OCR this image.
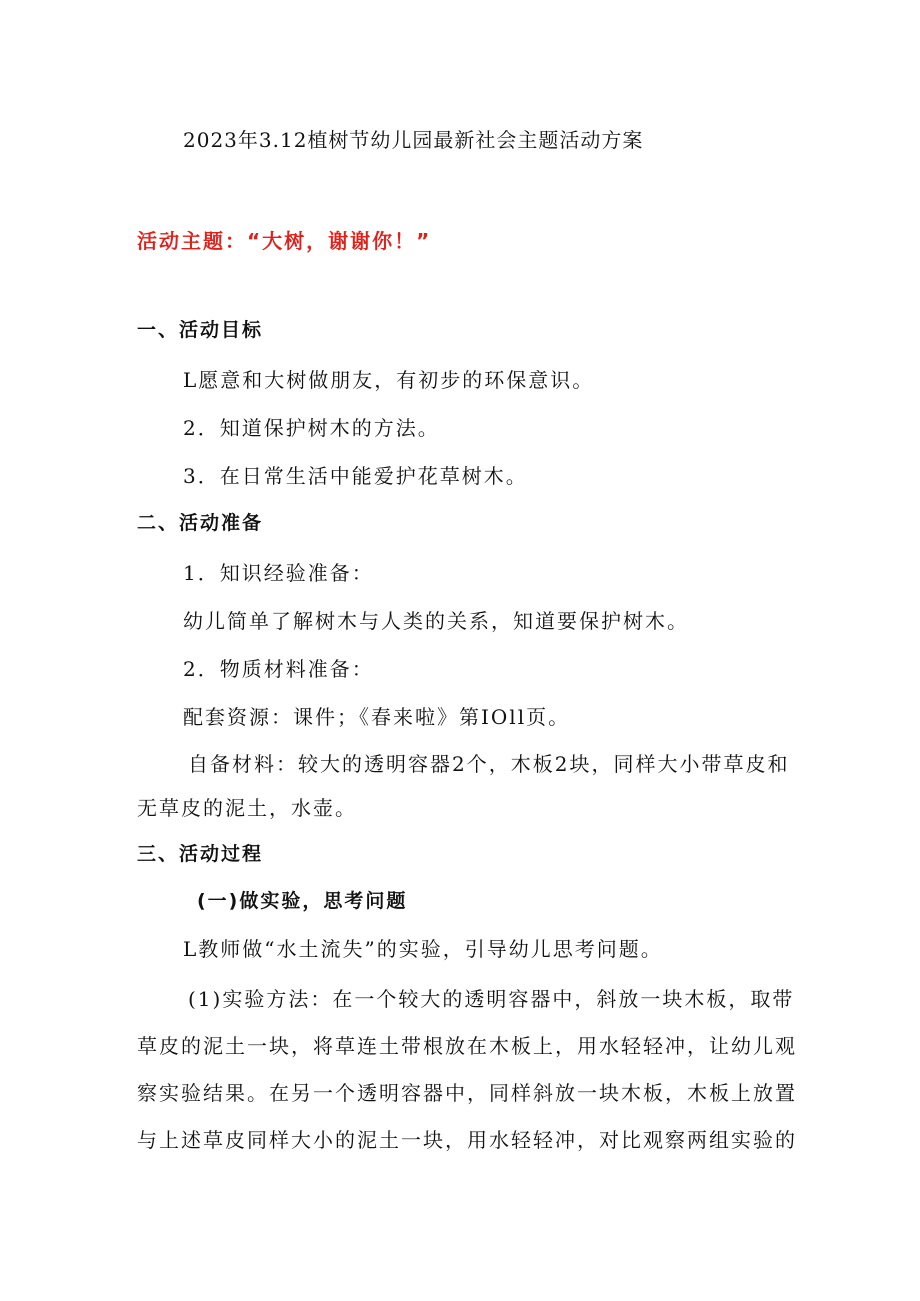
2023年3.12植树节幼儿园最新社会主题活动方案
活动主题：“大树，谢谢你！”
一、活动目标
L愿意和大树做朋友，有初步的环保意识。
2．知道保护树木的方法。
3．在日常生活中能爱护花草树木。
二、活动准备
1．知识经验准备：
幼儿简单了解树木与人类的关系，知道要保护树木。
2．物质材料准备：
配套资源：课件；《春来啦》第IOll页。
自备材料：较大的透明容器2个，木板2块，同样大小带草皮和
无草皮的泥土，水壶。
三、活动过程
(一)做实验，思考问题
L教师做“水土流失”的实验，引导幼儿思考问题。
(1)实验方法：在一个较大的透明容器中，斜放一块木板，取带
草皮的泥土一块，将草连土带根放在木板上，用水轻轻冲，让幼儿观
察实验结果。在另一个透明容器中，同样斜放一块木板，木板上放置
与上述草皮同样大小的泥土一块，用水轻轻冲，对比观察两组实验的
